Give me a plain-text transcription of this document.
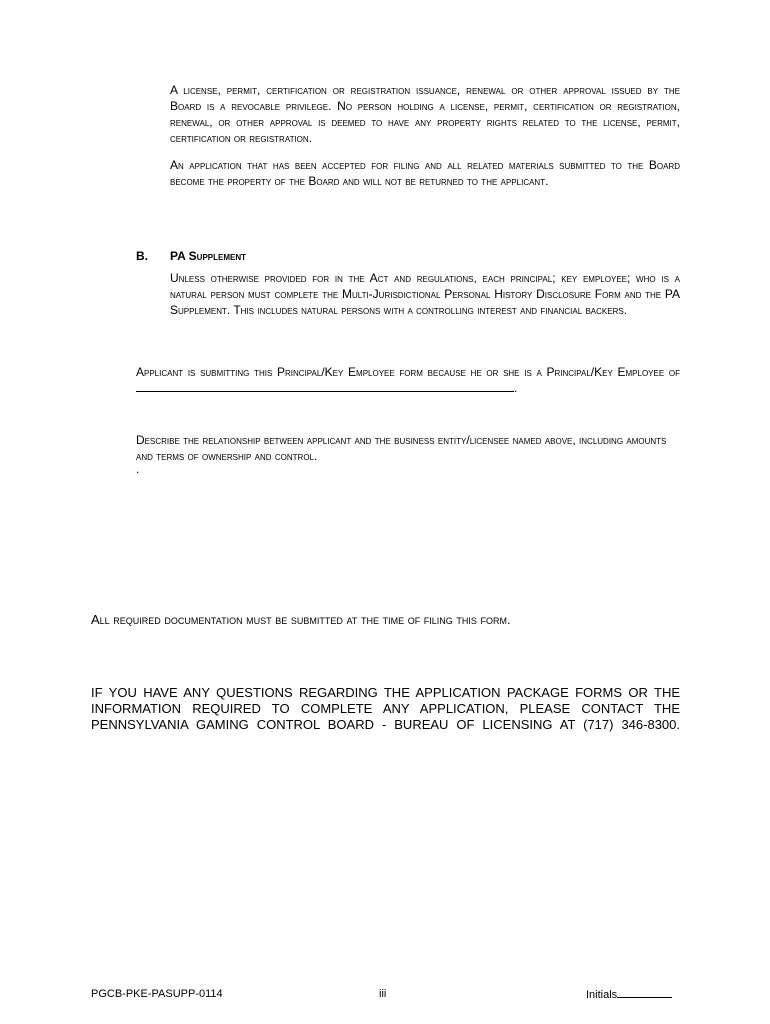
A license, permit, certification or registration issuance, renewal or other approval issued by the Board is a revocable privilege. No person holding a license, permit, certification or registration, renewal, or other approval is deemed to have any property rights related to the license, permit, certification or registration.
An application that has been accepted for filing and all related materials submitted to the Board become the property of the Board and will not be returned to the applicant.
B. PA Supplement
Unless otherwise provided for in the Act and regulations, each principal; key employee; who is a natural person must complete the Multi-Jurisdictional Personal History Disclosure Form and the PA Supplement. This includes natural persons with a controlling interest and financial backers.
Applicant is submitting this Principal/Key Employee form because he or she is a Principal/Key Employee of .
Describe the relationship between applicant and the business entity/licensee named above, including amounts and terms of ownership and control.
.
All required documentation must be submitted at the time of filing this form.
IF YOU HAVE ANY QUESTIONS REGARDING THE APPLICATION PACKAGE FORMS OR THE INFORMATION REQUIRED TO COMPLETE ANY APPLICATION, PLEASE CONTACT THE PENNSYLVANIA GAMING CONTROL BOARD - BUREAU OF LICENSING AT (717) 346-8300.
PGCB-PKE-PASUPP-0114	iii	Initials
